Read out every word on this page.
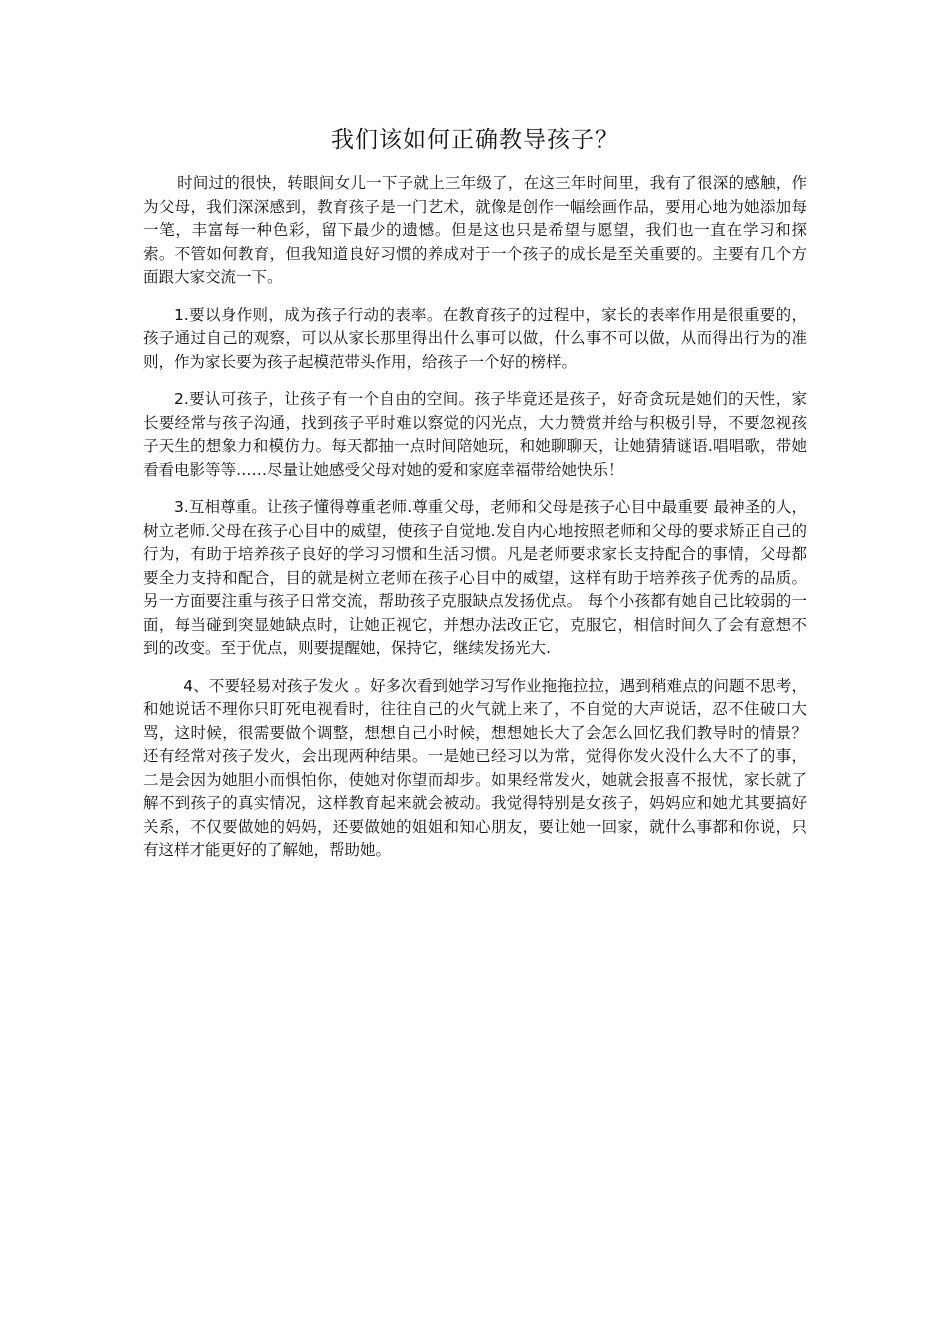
我们该如何正确教导孩子？

时间过的很快，转眼间女儿一下子就上三年级了，在这三年时间里，我有了很深的感触，作为父母，我们深深感到，教育孩子是一门艺术，就像是创作一幅绘画作品，要用心地为她添加每一笔，丰富每一种色彩，留下最少的遗憾。但是这也只是希望与愿望，我们也一直在学习和探索。不管如何教育，但我知道良好习惯的养成对于一个孩子的成长是至关重要的。主要有几个方面跟大家交流一下。

1.要以身作则，成为孩子行动的表率。在教育孩子的过程中，家长的表率作用是很重要的，孩子通过自己的观察，可以从家长那里得出什么事可以做，什么事不可以做，从而得出行为的准则，作为家长要为孩子起模范带头作用，给孩子一个好的榜样。

2.要认可孩子，让孩子有一个自由的空间。孩子毕竟还是孩子，好奇贪玩是她们的天性，家长要经常与孩子沟通，找到孩子平时难以察觉的闪光点，大力赞赏并给与积极引导，不要忽视孩子天生的想象力和模仿力。每天都抽一点时间陪她玩，和她聊聊天，让她猜猜谜语.唱唱歌，带她看看电影等等……尽量让她感受父母对她的爱和家庭幸福带给她快乐！

3.互相尊重。让孩子懂得尊重老师.尊重父母，老师和父母是孩子心目中最重要 最神圣的人，树立老师.父母在孩子心目中的威望，使孩子自觉地.发自内心地按照老师和父母的要求矫正自己的行为，有助于培养孩子良好的学习习惯和生活习惯。凡是老师要求家长支持配合的事情，父母都要全力支持和配合，目的就是树立老师在孩子心目中的威望，这样有助于培养孩子优秀的品质。另一方面要注重与孩子日常交流，帮助孩子克服缺点发扬优点。 每个小孩都有她自己比较弱的一面，每当碰到突显她缺点时，让她正视它，并想办法改正它，克服它，相信时间久了会有意想不到的改变。至于优点，则要提醒她，保持它，继续发扬光大.

4、不要轻易对孩子发火 。好多次看到她学习写作业拖拖拉拉，遇到稍难点的问题不思考，和她说话不理你只盯死电视看时，往往自己的火气就上来了，不自觉的大声说话，忍不住破口大骂，这时候，很需要做个调整，想想自己小时候，想想她长大了会怎么回忆我们教导时的情景？还有经常对孩子发火，会出现两种结果。一是她已经习以为常，觉得你发火没什么大不了的事，二是会因为她胆小而惧怕你，使她对你望而却步。如果经常发火，她就会报喜不报忧，家长就了解不到孩子的真实情况，这样教育起来就会被动。我觉得特别是女孩子，妈妈应和她尤其要搞好关系，不仅要做她的妈妈，还要做她的姐姐和知心朋友，要让她一回家，就什么事都和你说，只有这样才能更好的了解她，帮助她。
